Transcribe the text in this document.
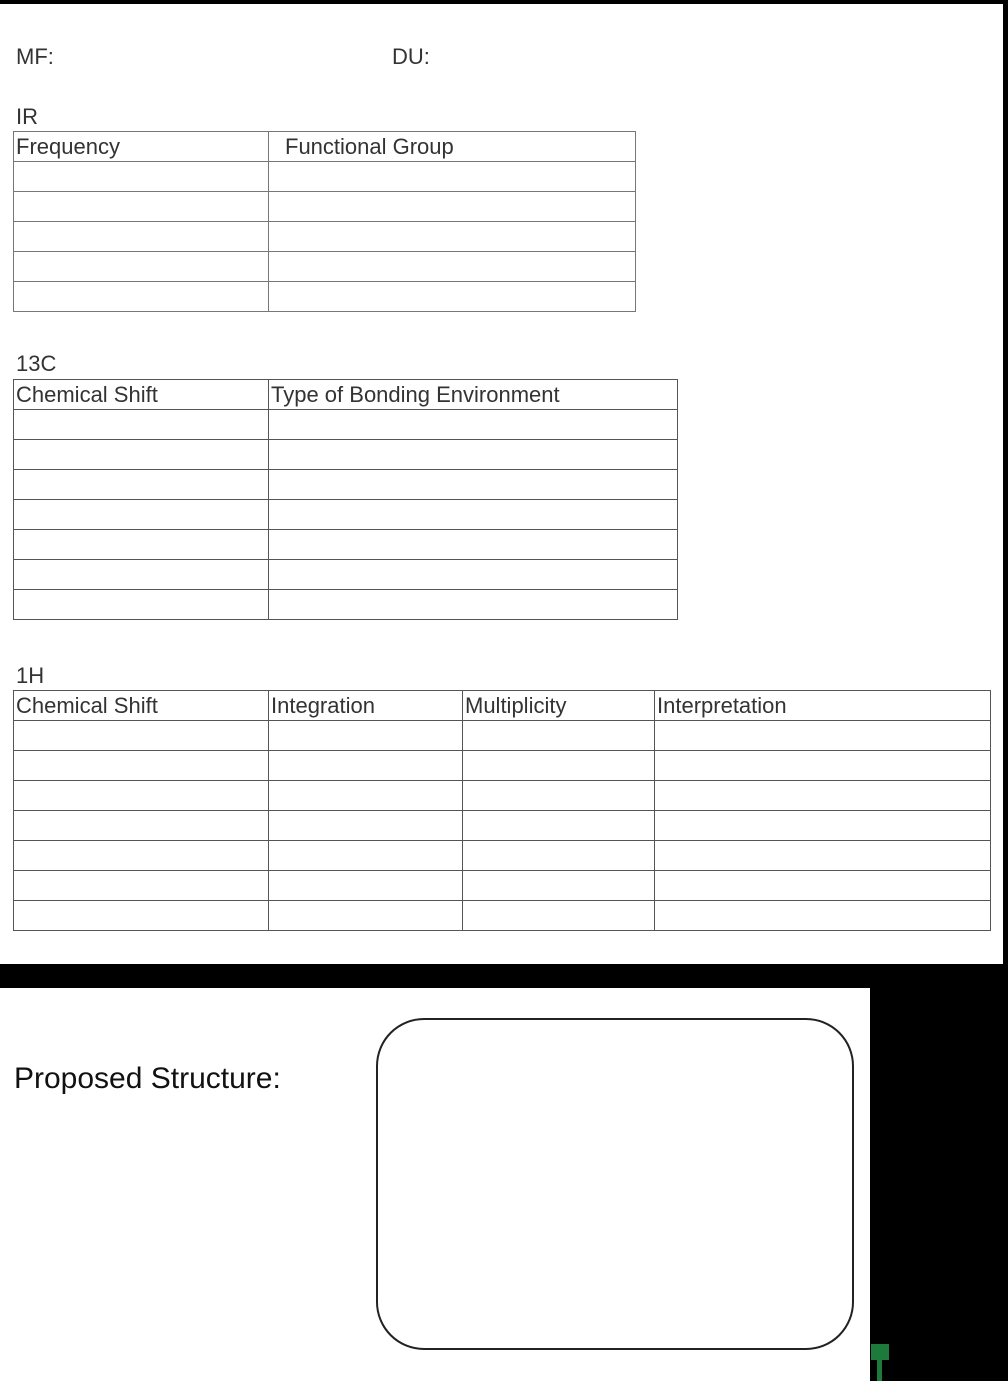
MF:	DU:
IR
Frequency	Functional Group

13C
Chemical Shift	Type of Bonding Environment

1H
Chemical Shift	Integration	Multiplicity	Interpretation

Proposed Structure:
